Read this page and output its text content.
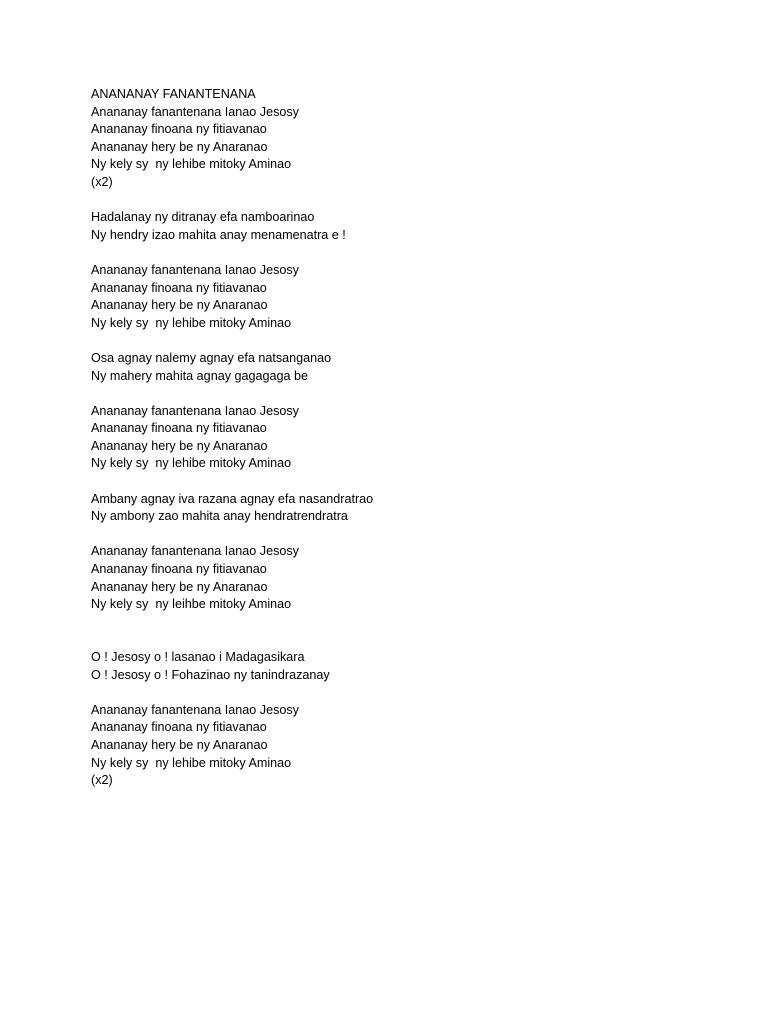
ANANANAY FANANTENANA
Anananay fanantenana Ianao Jesosy
Anananay finoana ny fitiavanao
Anananay hery be ny Anaranao
Ny kely sy  ny lehibe mitoky Aminao
(x2)
Hadalanay ny ditranay efa namboarinao
Ny hendry izao mahita anay menamenatra e !
Anananay fanantenana Ianao Jesosy
Anananay finoana ny fitiavanao
Anananay hery be ny Anaranao
Ny kely sy  ny lehibe mitoky Aminao
Osa agnay nalemy agnay efa natsanganao
Ny mahery mahita agnay gagagaga be
Anananay fanantenana Ianao Jesosy
Anananay finoana ny fitiavanao
Anananay hery be ny Anaranao
Ny kely sy  ny lehibe mitoky Aminao
Ambany agnay iva razana agnay efa nasandratrao
Ny ambony zao mahita anay hendratrendratra
Anananay fanantenana Ianao Jesosy
Anananay finoana ny fitiavanao
Anananay hery be ny Anaranao
Ny kely sy  ny leihbe mitoky Aminao
O ! Jesosy o ! lasanao i Madagasikara
O ! Jesosy o ! Fohazinao ny tanindrazanay
Anananay fanantenana Ianao Jesosy
Anananay finoana ny fitiavanao
Anananay hery be ny Anaranao
Ny kely sy  ny lehibe mitoky Aminao
(x2)
